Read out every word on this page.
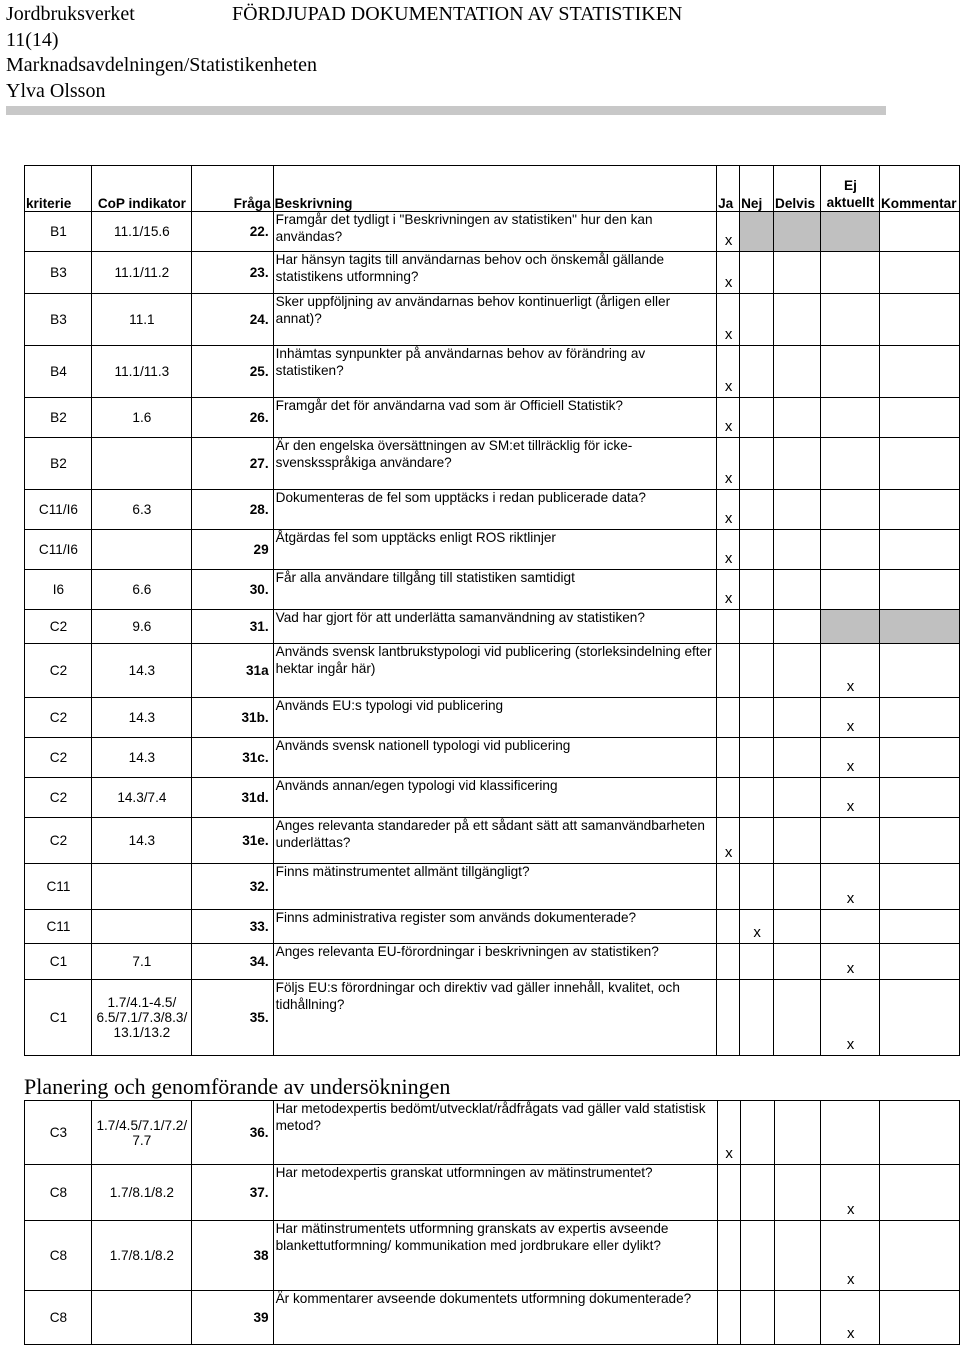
Jordbruksverket
11(14)
Marknadsavdelningen/Statistikenheten
Ylva Olsson
FÖRDJUPAD DOKUMENTATION AV STATISTIKEN
kriterie	CoP indikator	Fråga	Beskrivning	Ja	Nej	Delvis	Ej aktuellt	Kommentar
B1	11.1/15.6	22.	Framgår det tydligt i "Beskrivningen av statistiken" hur den kan användas?	x				
B3	11.1/11.2	23.	Har hänsyn tagits till användarnas behov och önskemål gällande statistikens utformning?	x				
B3	11.1	24.	Sker uppföljning av användarnas behov kontinuerligt (årligen eller annat)?	x				
B4	11.1/11.3	25.	Inhämtas synpunkter på användarnas behov av förändring av statistiken?	x				
B2	1.6	26.	Framgår det för användarna vad som är Officiell Statistik?	x				
B2		27.	Är den engelska översättningen av SM:et tillräcklig för icke-svensksspråkiga användare?	x				
C11/I6	6.3	28.	Dokumenteras de fel som upptäcks i redan publicerade data?	x				
C11/I6		29	Åtgärdas fel som upptäcks enligt ROS riktlinjer	x				
I6	6.6	30.	Får alla användare tillgång till statistiken samtidigt	x				
C2	9.6	31.	Vad har gjort för att underlätta samanvändning av statistiken?					
C2	14.3	31a	Används svensk lantbrukstypologi vid publicering (storleksindelning efter hektar ingår här)				x	
C2	14.3	31b.	Används EU:s typologi vid publicering				x	
C2	14.3	31c.	Används svensk nationell typologi vid publicering				x	
C2	14.3/7.4	31d.	Används annan/egen typologi vid klassificering				x	
C2	14.3	31e.	Anges relevanta standareder på ett sådant sätt att samanvändbarheten underlättas?	x				
C11		32.	Finns mätinstrumentet allmänt tillgängligt?				x	
C11		33.	Finns administrativa register som används dokumenterade?		x			
C1	7.1	34.	Anges relevanta EU-förordningar i beskrivningen av statistiken?				x	
C1	1.7/4.1-4.5/ 6.5/7.1/7.3/8.3/ 13.1/13.2	35.	Följs EU:s förordningar och direktiv vad gäller innehåll, kvalitet, och tidhållning?				x	
Planering och genomförande av undersökningen
C3	1.7/4.5/7.1/7.2/ 7.7	36.	Har metodexpertis bedömt/utvecklat/rådfrågats vad gäller vald statistisk metod?	x				
C8	1.7/8.1/8.2	37.	Har metodexpertis granskat utformningen av mätinstrumentet?				x	
C8	1.7/8.1/8.2	38	Har mätinstrumentets utformning granskats av expertis avseende blankettutformning/ kommunikation med jordbrukare eller dylikt?				x	
C8		39	Är kommentarer avseende dokumentets utformning dokumenterade?				x	
